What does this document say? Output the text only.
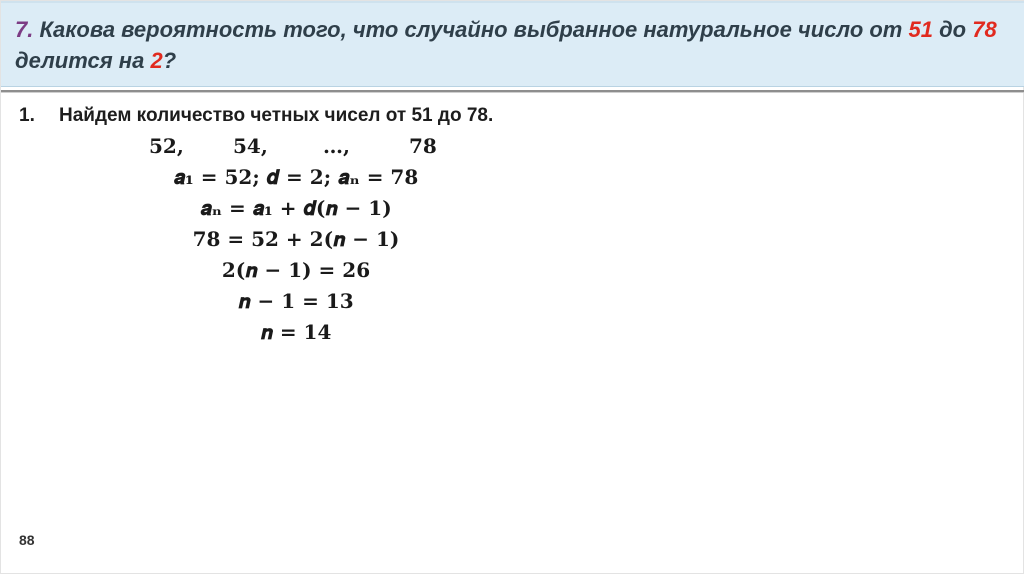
7. Какова вероятность того, что случайно выбранное натуральное число от 51 до 78 делится на 2?
1. Найдем количество четных чисел от 51 до 78.
52, 54,	…,	78
𝒂₁ = 52; 𝒅 = 2; 𝒂ₙ = 78
𝒂ₙ = 𝒂₁ + 𝒅(𝒏 − 1)
78 = 52 + 2(𝒏 − 1)
2(𝒏 − 1) = 26
𝒏 − 1 = 13
𝒏 = 14
88
